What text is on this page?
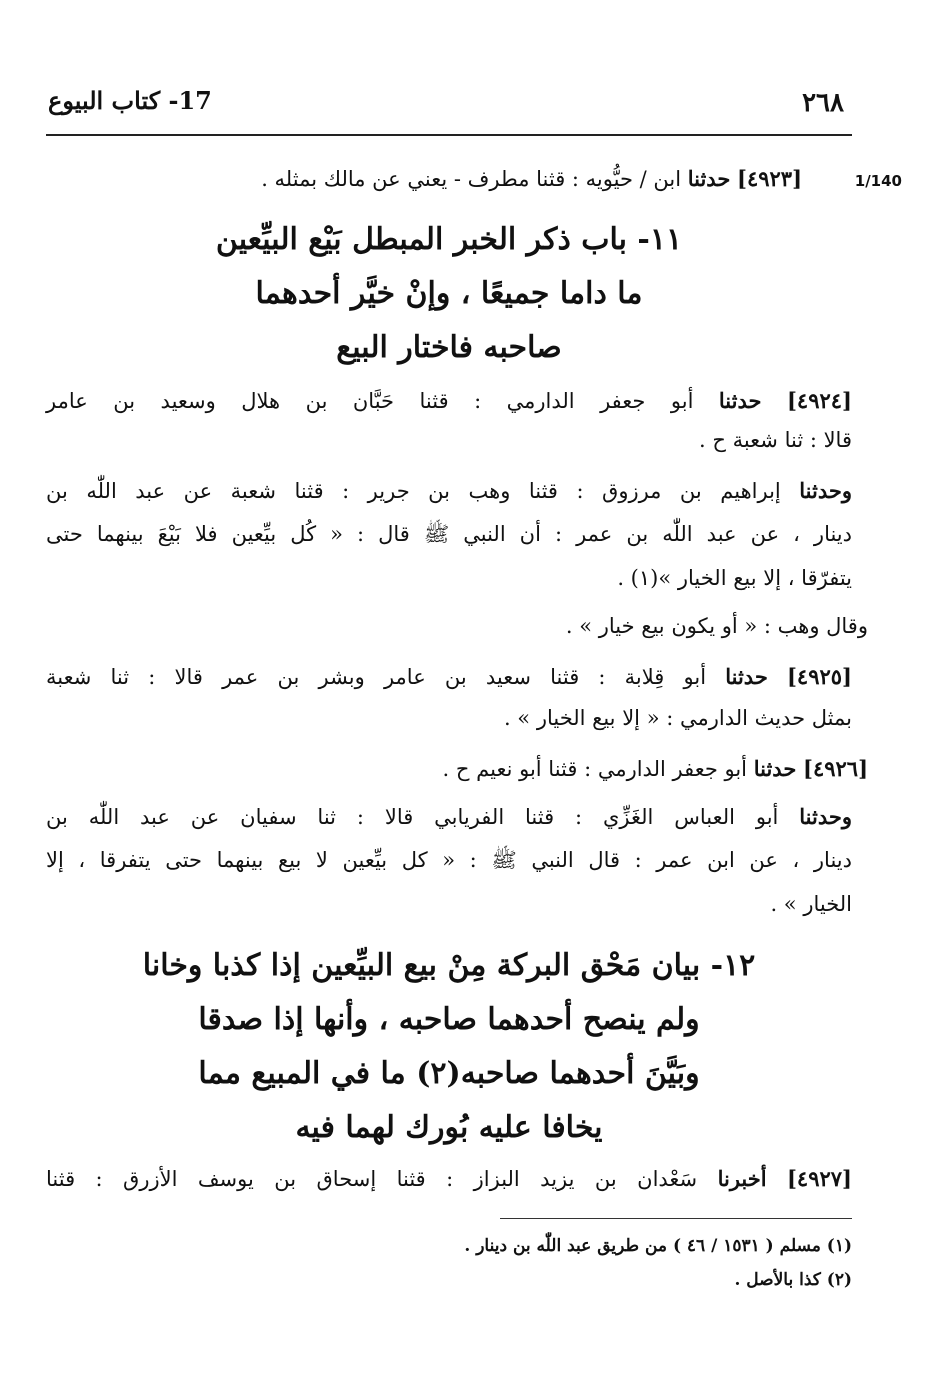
٢٦٨
17- كتاب البيوع
1/140
[٤٩٢٣] حدثنا ابن / حيُّويه : قثنا مطرف - يعني عن مالك بمثله .
١١- باب ذكر الخبر المبطل بَيْع البيِّعين
ما داما جميعًا ، وإنْ خيَّر أحدهما
صاحبه فاختار البيع
[٤٩٢٤] حدثنا أبو جعفر الدارمي : قثنا حَبَّان بن هلال وسعيد بن عامر
قالا : ثنا شعبة ح .
وحدثنا إبراهيم بن مرزوق : قثنا وهب بن جرير : قثنا شعبة عن عبد اللّٰه بن
دينار ، عن عبد اللّٰه بن عمر : أن النبي ﷺ قال : « كُل بيِّعين فلا بَيْعَ بينهما حتى
يتفرّقا ، إلا بيع الخيار »(١) .
وقال وهب : « أو يكون بيع خيار » .
[٤٩٢٥] حدثنا أبو قِلابة : قثنا سعيد بن عامر وبشر بن عمر قالا : ثنا شعبة
بمثل حديث الدارمي : « إلا بيع الخيار » .
[٤٩٢٦] حدثنا أبو جعفر الدارمي : قثنا أبو نعيم ح .
وحدثنا أبو العباس الغَزِّي : قثنا الفريابي قالا : ثنا سفيان عن عبد اللّٰه بن
دينار ، عن ابن عمر : قال النبي ﷺ : « كل بيِّعين لا بيع بينهما حتى يتفرقا ، إلا
الخيار » .
١٢- بيان مَحْق البركة مِنْ بيع البيِّعين إذا كذبا وخانا
ولم ينصح أحدهما صاحبه ، وأنها إذا صدقا
وبَيَّنَ أحدهما صاحبه(٢) ما في المبيع مما
يخافا عليه بُورك لهما فيه
[٤٩٢٧] أخبرنا سَعْدان بن يزيد البزاز : قثنا إسحاق بن يوسف الأزرق : قثنا
(١) مسلم ( ١٥٣١ / ٤٦ ) من طريق عبد اللّٰه بن دينار .
(٢) كذا بالأصل .
